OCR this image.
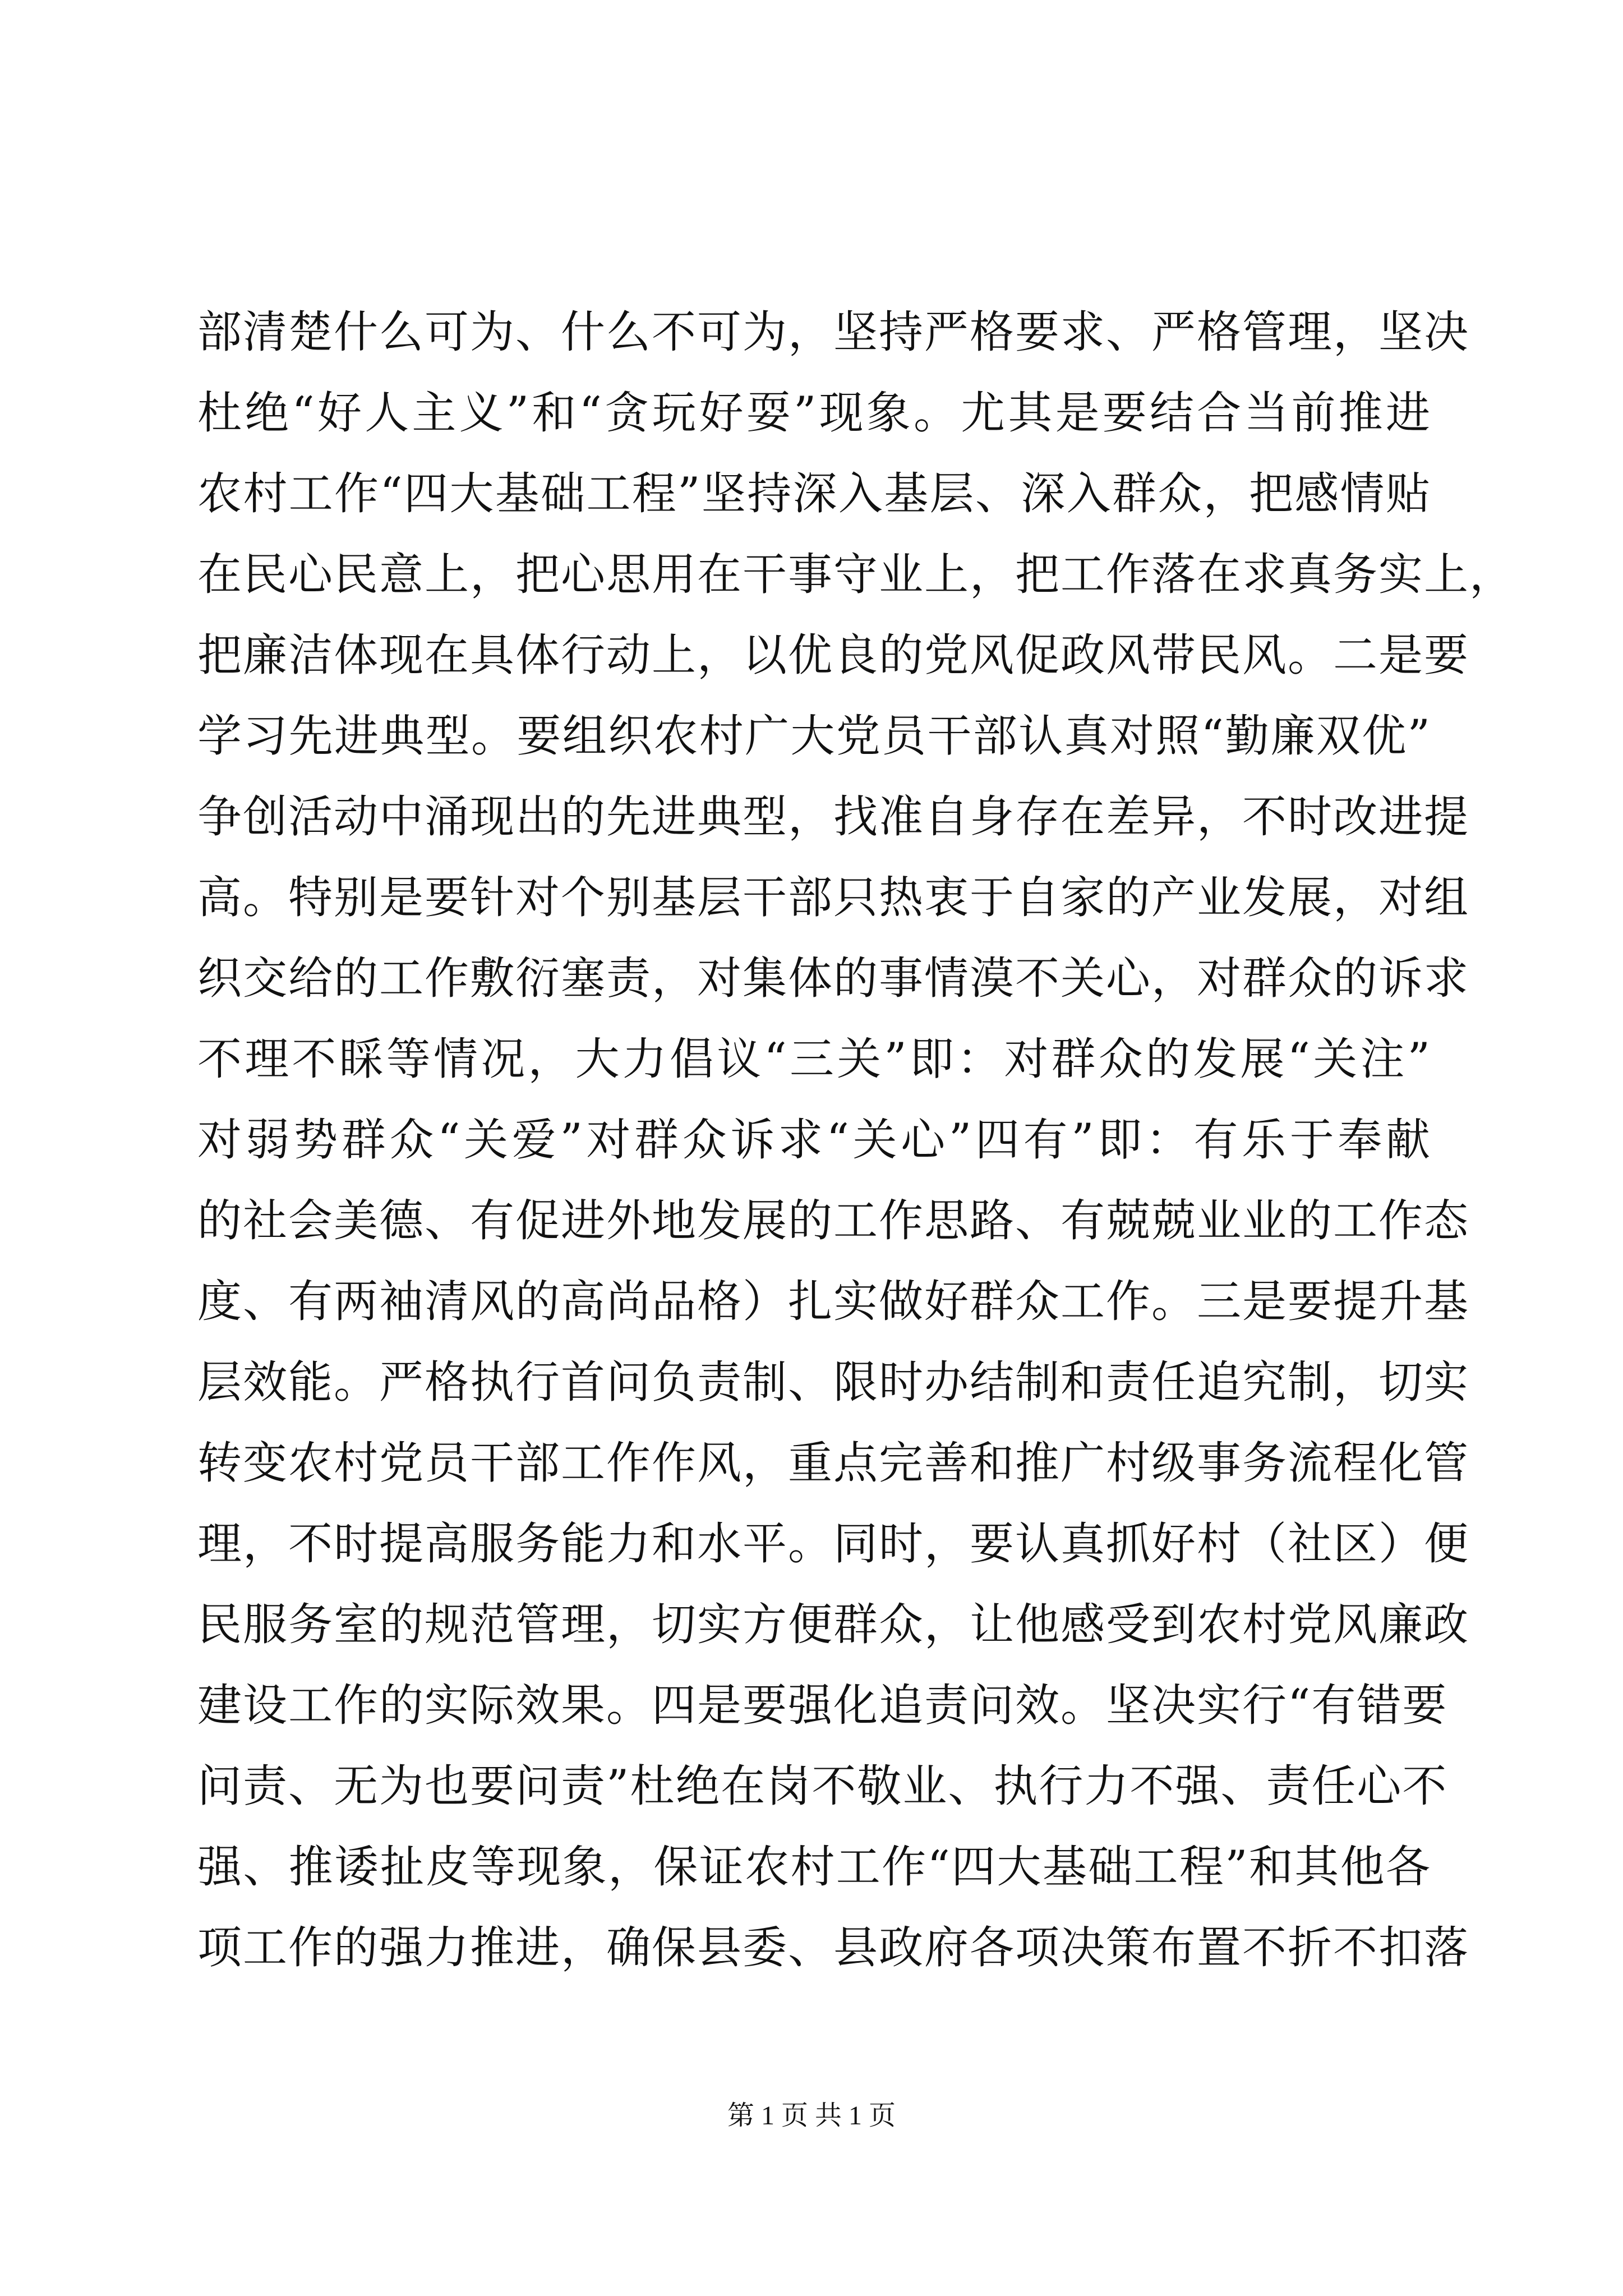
部清楚什么可为、什么不可为，坚持严格要求、严格管理，坚决
杜绝“好人主义”和“贪玩好耍”现象。尤其是要结合当前推进
农村工作“四大基础工程”坚持深入基层、深入群众，把感情贴
在民心民意上，把心思用在干事守业上，把工作落在求真务实上，
把廉洁体现在具体行动上，以优良的党风促政风带民风。二是要
学习先进典型。要组织农村广大党员干部认真对照“勤廉双优”
争创活动中涌现出的先进典型，找准自身存在差异，不时改进提
高。特别是要针对个别基层干部只热衷于自家的产业发展，对组
织交给的工作敷衍塞责，对集体的事情漠不关心，对群众的诉求
不理不睬等情况，大力倡议“三关”即：对群众的发展“关注”
对弱势群众“关爱”对群众诉求“关心”四有”即：有乐于奉献
的社会美德、有促进外地发展的工作思路、有兢兢业业的工作态
度、有两袖清风的高尚品格）扎实做好群众工作。三是要提升基
层效能。严格执行首问负责制、限时办结制和责任追究制，切实
转变农村党员干部工作作风，重点完善和推广村级事务流程化管
理，不时提高服务能力和水平。同时，要认真抓好村（社区）便
民服务室的规范管理，切实方便群众，让他感受到农村党风廉政
建设工作的实际效果。四是要强化追责问效。坚决实行“有错要
问责、无为也要问责”杜绝在岗不敬业、执行力不强、责任心不
强、推诿扯皮等现象，保证农村工作“四大基础工程”和其他各
项工作的强力推进，确保县委、县政府各项决策布置不折不扣落
第 1 页 共 1 页
